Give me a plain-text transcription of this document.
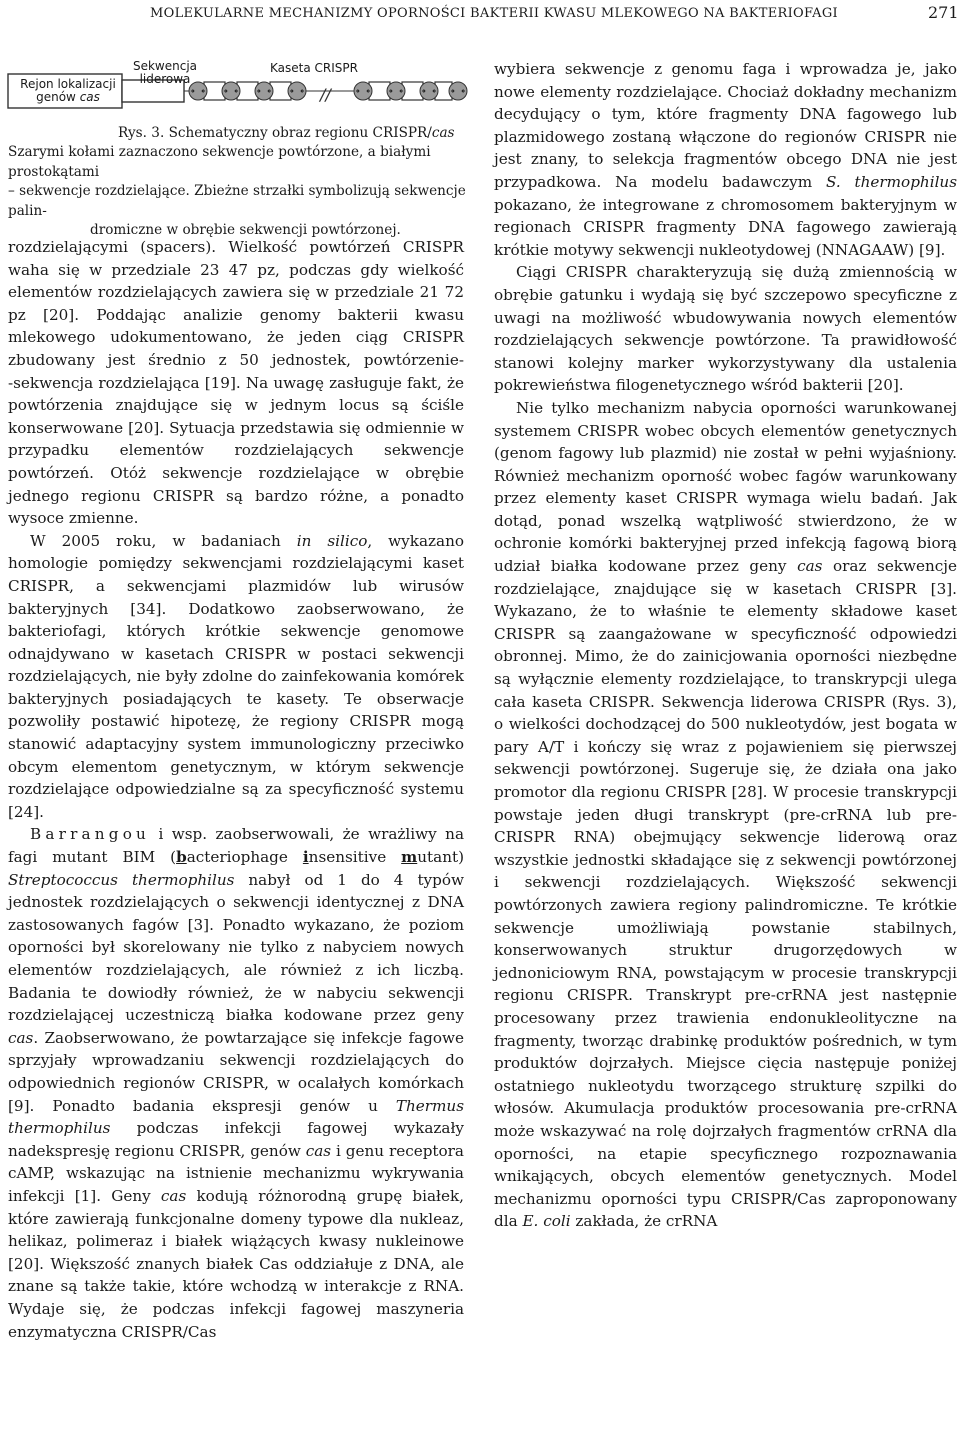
MOLEKULARNE MECHANIZMY OPORNOŚCI BAKTERII KWASU MLEKOWEGO NA BAKTERIOFAGI	271
//
Rejon lokalizacji
genów cas
Sekwencja
liderowa
Kaseta CRISPR

Rys. 3. Schematyczny obraz regionu CRISPR/cas

Szarymi kołami zaznaczono sekwencje powtórzone, a białymi prostokątami

– sekwencje rozdzielające. Zbieżne strzałki symbolizują sekwencje palin-

dromiczne w obrębie sekwencji powtórzonej.

rozdzielającymi (spacers). Wielkość powtórzeń CRISPR waha się w przedziale 23 47 pz, podczas gdy wielkość elementów rozdzielających zawiera się w przedziale 21 72 pz [20]. Poddając analizie genomy bakterii kwasu mlekowego udokumentowano, że jeden ciąg CRISPR zbudowany jest średnio z 50 jednostek, powtórzenie-‑sekwencja rozdzielająca [19]. Na uwagę zasługuje fakt, że powtórzenia znajdujące się w jednym locus są ściśle konserwowane [20]. Sytuacja przedstawia się odmiennie w przypadku elementów rozdzielających sekwencje powtórzeń. Otóż sekwencje rozdzielające w obrębie jednego regionu CRISPR są bardzo różne, a ponadto wysoce zmienne.

W 2005 roku, w badaniach in silico, wykazano homologie pomiędzy sekwencjami rozdzielającymi kaset CRISPR, a sekwencjami plazmidów lub wirusów bakteryjnych [34]. Dodatkowo zaobserwowano, że bakteriofagi, których krótkie sekwencje genomowe odnajdywano w kasetach CRISPR w postaci sekwencji rozdzielających, nie były zdolne do zainfekowania komórek bakteryjnych posiadających te kasety. Te obserwacje pozwoliły postawić hipotezę, że regiony CRISPR mogą stanowić adaptacyjny system immunologiczny przeciwko obcym elementom genetycznym, w którym sekwencje rozdzielające odpowiedzialne są za specyficzność systemu [24].

Barrangou i wsp. zaobserwowali, że wrażliwy na fagi mutant BIM (bacteriophage insensitive mutant) Streptococcus thermophilus nabył od 1 do 4 typów jednostek rozdzielających o sekwencji identycznej z DNA zastosowanych fagów [3]. Ponadto wykazano, że poziom oporności był skorelowany nie tylko z nabyciem nowych elementów rozdzielających, ale również z ich liczbą. Badania te dowiodły również, że w nabyciu sekwencji rozdzielającej uczestniczą białka kodowane przez geny cas. Zaobserwowano, że powtarzające się infekcje fagowe sprzyjały wprowadzaniu sekwencji rozdzielających do odpowiednich regionów CRISPR, w ocalałych komórkach [9]. Ponadto badania ekspresji genów u Thermus thermophilus podczas infekcji fagowej wykazały nadekspresję regionu CRISPR, genów cas i genu receptora cAMP, wskazując na istnienie mechanizmu wykrywania infekcji [1]. Geny cas kodują różnorodną grupę białek, które zawierają funkcjonalne domeny typowe dla nukleaz, helikaz, polimeraz i białek wiążących kwasy nukleinowe [20]. Większość znanych białek Cas oddziałuje z DNA, ale znane są także takie, które wchodzą w interakcje z RNA. Wydaje się, że podczas infekcji fagowej maszyneria enzymatyczna CRISPR/Cas

wybiera sekwencje z genomu faga i wprowadza je, jako nowe elementy rozdzielające. Chociaż dokładny mechanizm decydujący o tym, które fragmenty DNA fagowego lub plazmidowego zostaną włączone do regionów CRISPR nie jest znany, to selekcja fragmentów obcego DNA nie jest przypadkowa. Na modelu badawczym S. thermophilus pokazano, że integrowane z chromosomem bakteryjnym w regionach CRISPR fragmenty DNA fagowego zawierają krótkie motywy sekwencji nukleotydowej (NNAGAAW) [9].

Ciągi CRISPR charakteryzują się dużą zmiennością w obrębie gatunku i wydają się być szczepowo specyficzne z uwagi na możliwość wbudowywania nowych elementów rozdzielających sekwencje powtórzone. Ta prawidłowość stanowi kolejny marker wykorzystywany dla ustalenia pokrewieństwa filogenetycznego wśród bakterii [20].

Nie tylko mechanizm nabycia oporności warunkowanej systemem CRISPR wobec obcych elementów genetycznych (genom fagowy lub plazmid) nie został w pełni wyjaśniony. Również mechanizm oporność wobec fagów warunkowany przez elementy kaset CRISPR wymaga wielu badań. Jak dotąd, ponad wszelką wątpliwość stwierdzono, że w ochronie komórki bakteryjnej przed infekcją fagową biorą udział białka kodowane przez geny cas oraz sekwencje rozdzielające, znajdujące się w kasetach CRISPR [3]. Wykazano, że to właśnie te elementy składowe kaset CRISPR są zaangażowane w specyficzność odpowiedzi obronnej. Mimo, że do zainicjowania oporności niezbędne są wyłącznie elementy rozdzielające, to transkrypcji ulega cała kaseta CRISPR. Sekwencja liderowa CRISPR (Rys. 3), o wielkości dochodzącej do 500 nukleotydów, jest bogata w pary A/T i kończy się wraz z pojawieniem się pierwszej sekwencji powtórzonej. Sugeruje się, że działa ona jako promotor dla regionu CRISPR [28]. W procesie transkrypcji powstaje jeden długi transkrypt (pre-crRNA lub pre-CRISPR RNA) obejmujący sekwencje liderową oraz wszystkie jednostki składające się z sekwencji powtórzonej i sekwencji rozdzielających. Większość sekwencji powtórzonych zawiera regiony palindromiczne. Te krótkie sekwencje umożliwiają powstanie stabilnych, konserwowanych struktur drugorzędowych w jednoniciowym RNA, powstającym w procesie transkrypcji regionu CRISPR. Transkrypt pre-crRNA jest następnie procesowany przez trawienia endonukleolityczne na fragmenty, tworząc drabinkę produktów pośrednich, w tym produktów dojrzałych. Miejsce cięcia następuje poniżej ostatniego nukleotydu tworzącego strukturę szpilki do włosów. Akumulacja produktów procesowania pre-crRNA może wskazywać na rolę dojrzałych fragmentów crRNA dla oporności, na etapie specyficznego rozpoznawania wnikających, obcych elementów genetycznych. Model mechanizmu oporności typu CRISPR/Cas zaproponowany dla E. coli zakłada, że crRNA
